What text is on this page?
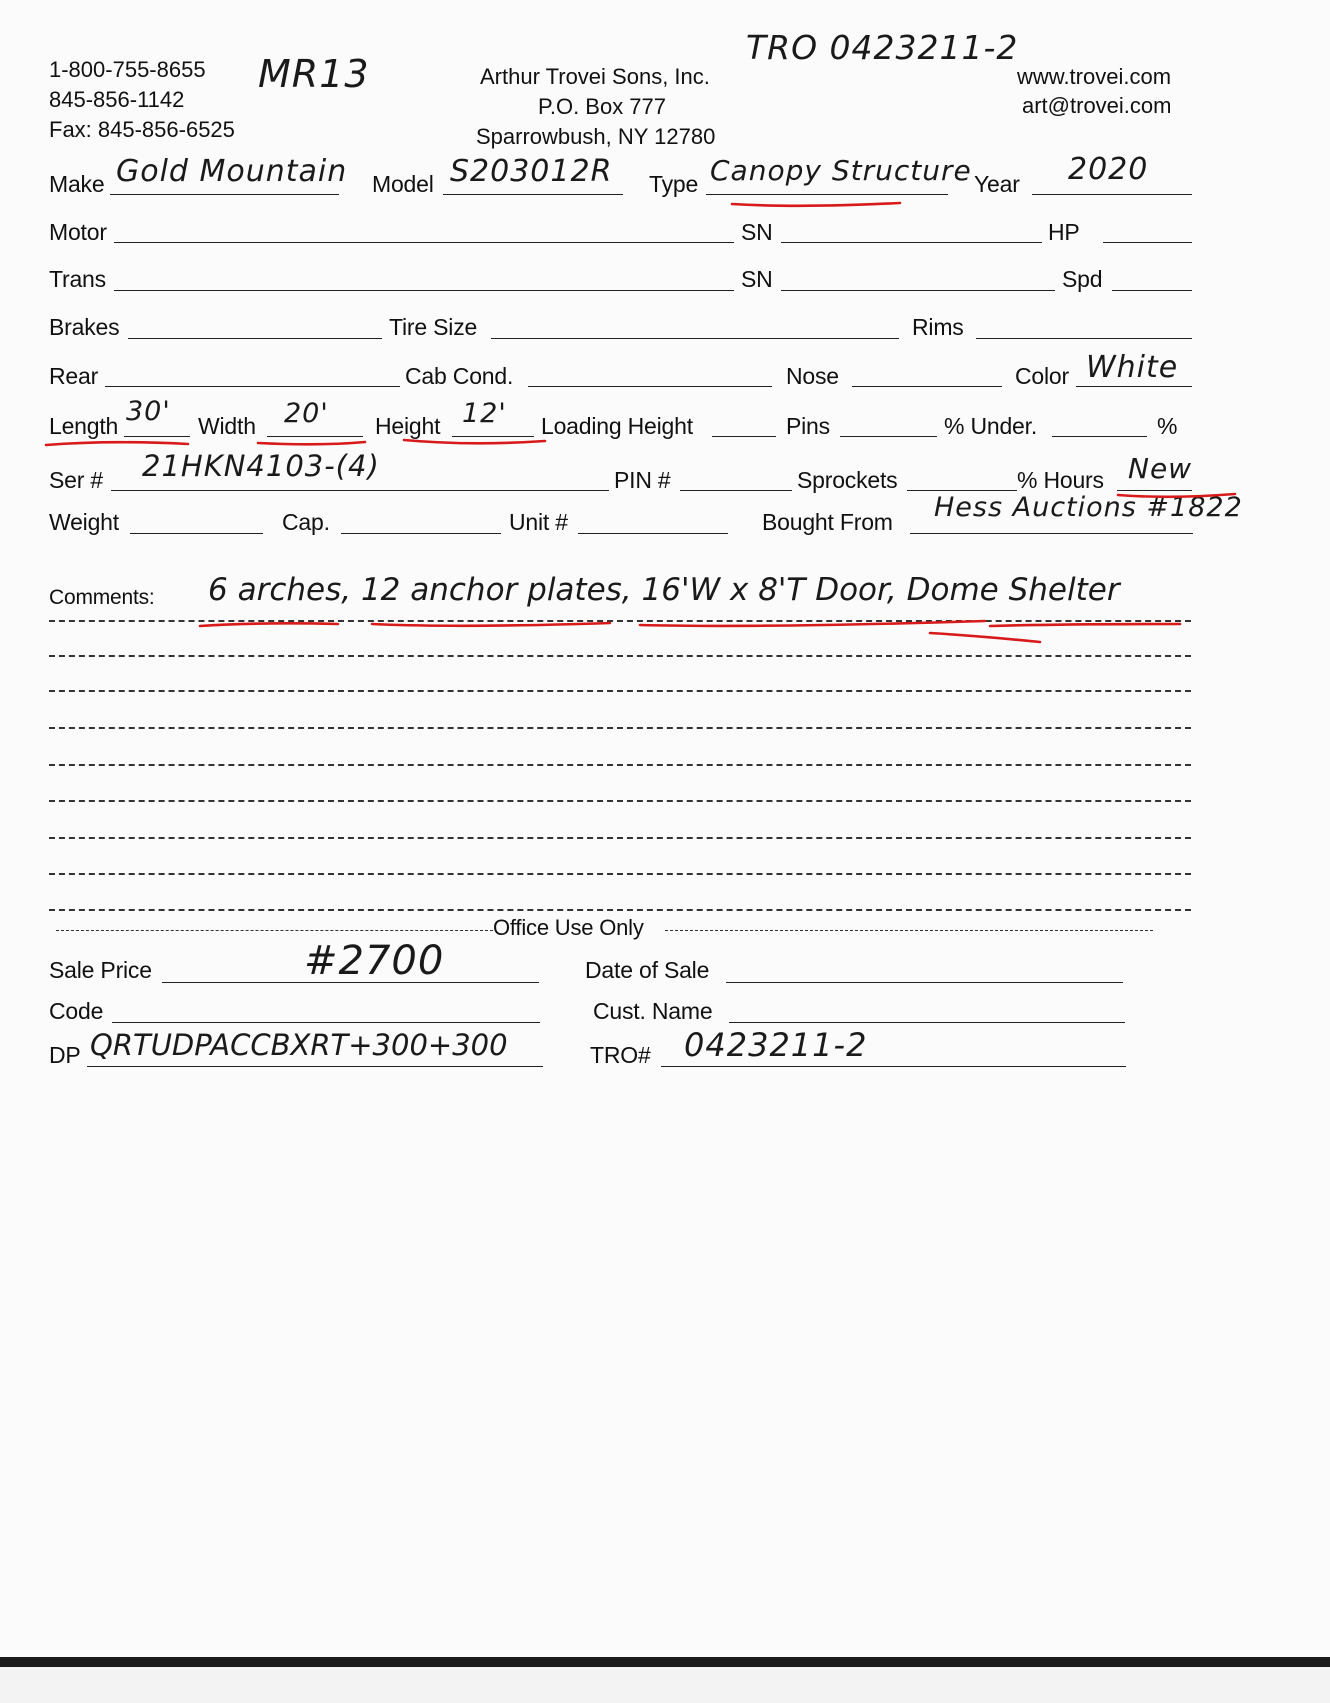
1-800-755-8655
845-856-1142
Fax: 845-856-6525
MR13	Arthur Trovei Sons, Inc.
P.O. Box 777
Sparrowbush, NY 12780
TRO 0423211-2
www.trovei.com
art@trovei.com
Make Gold Mountain Model S203012R Type Canopy Structure Year 2020
Motor	SN	HP
Trans	SN	Spd
Brakes	Tire Size	Rims
Rear	Cab Cond.	Nose	Color White
Length 30' Width 20' Height 12' Loading Height	Pins	% Under.	%
Ser # 21HKN4103-(4)	PIN #	Sprockets	% Hours New
Weight	Cap.	Unit #	Bought From Hess Auctions #1822
Comments: 6 arches, 12 anchor plates, 16'W x 8'T Door, Dome Shelter
Office Use Only
Sale Price	#2700	Date of Sale
Code	Cust. Name
DP QRTUDPACCBXRT+300+300	TRO# 0423211-2
